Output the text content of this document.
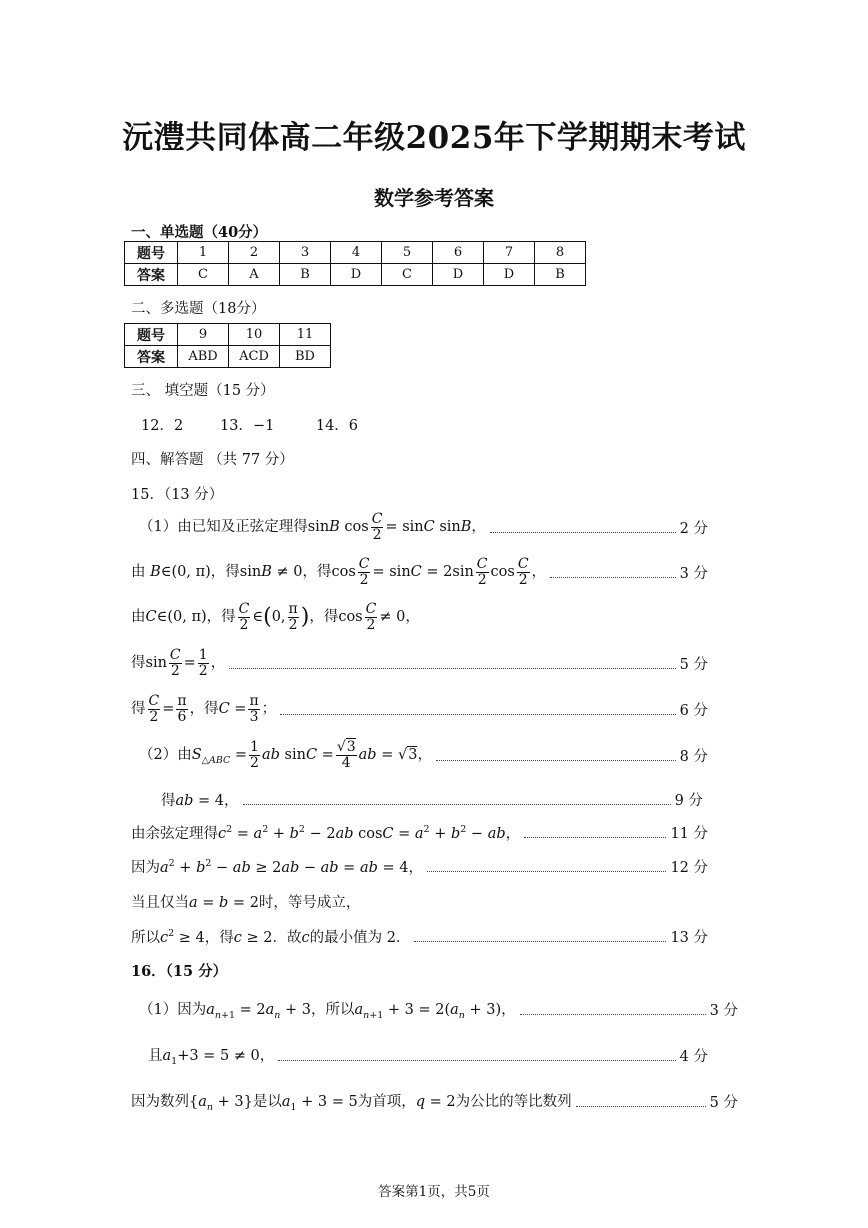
沅澧共同体高二年级2025年下学期期末考试
数学参考答案
一、单选题（40分）
题号	1	2	3	4	5	6	7	8
答案	C	A	B	D	C	D	D	B
二、多选题（18分）
题号	9	10	11
答案	ABD	ACD	BD
三、 填空题（15 分）
12．2        13．−1         14．6
四、解答题 （共 77 分）
15．（13 分）
（1）由已知及正弦定理得sinB $\cos \frac{C}{2} = \sin C$ sinB，	2 分
由 B∈(0, π)，得sinB ≠ 0，得$\cos \frac{C}{2} = \sin C = 2\sin \frac{C}{2}$ $\cos \frac{C}{2}$ ，	3 分
由C∈(0, π)，得 $\frac{C}{2}$ ∈(0, $\frac{\pi}{2}$ )，得$\cos \frac{C}{2} \ne 0$，
得$\sin \frac{C}{2} = \frac{1}{2}$ ，	5 分
得 $\frac{C}{2} = \frac{\pi}{6}$ ，得$C = \frac{\pi}{3}$ ；	6 分
（2）由$S_{\triangle ABC} = \frac{1}{2}$ ab $\sin C = \frac{√3}{4}$ ab = √3，	8 分
得ab = 4，	9 分
由余弦定理得$c^2 = a^2 + b^2 - 2ab$ $\cos C = a^2 + b^2$ − ab，	11 分
因为$a^2 + b^2$ − ab ≥ 2ab − ab = ab = 4，	12 分
当且仅当a = b = 2时，等号成立，
所以$c^2 \ge 4$，得c ≥ 2．故c的最小值为 2．	13 分
16．（15 分）
（1）因为$a_{n+1} = 2a_n + 3$，所以$a_{n+1} + 3 = 2(a_n + 3)$，	3 分
且$a_1+3 = 5 \ne 0$，	4 分
因为数列$\{a_n + 3\}$是以$a_1 + 3 = 5$为首项，q = 2为公比的等比数列	5 分
答案第1页，共5页
